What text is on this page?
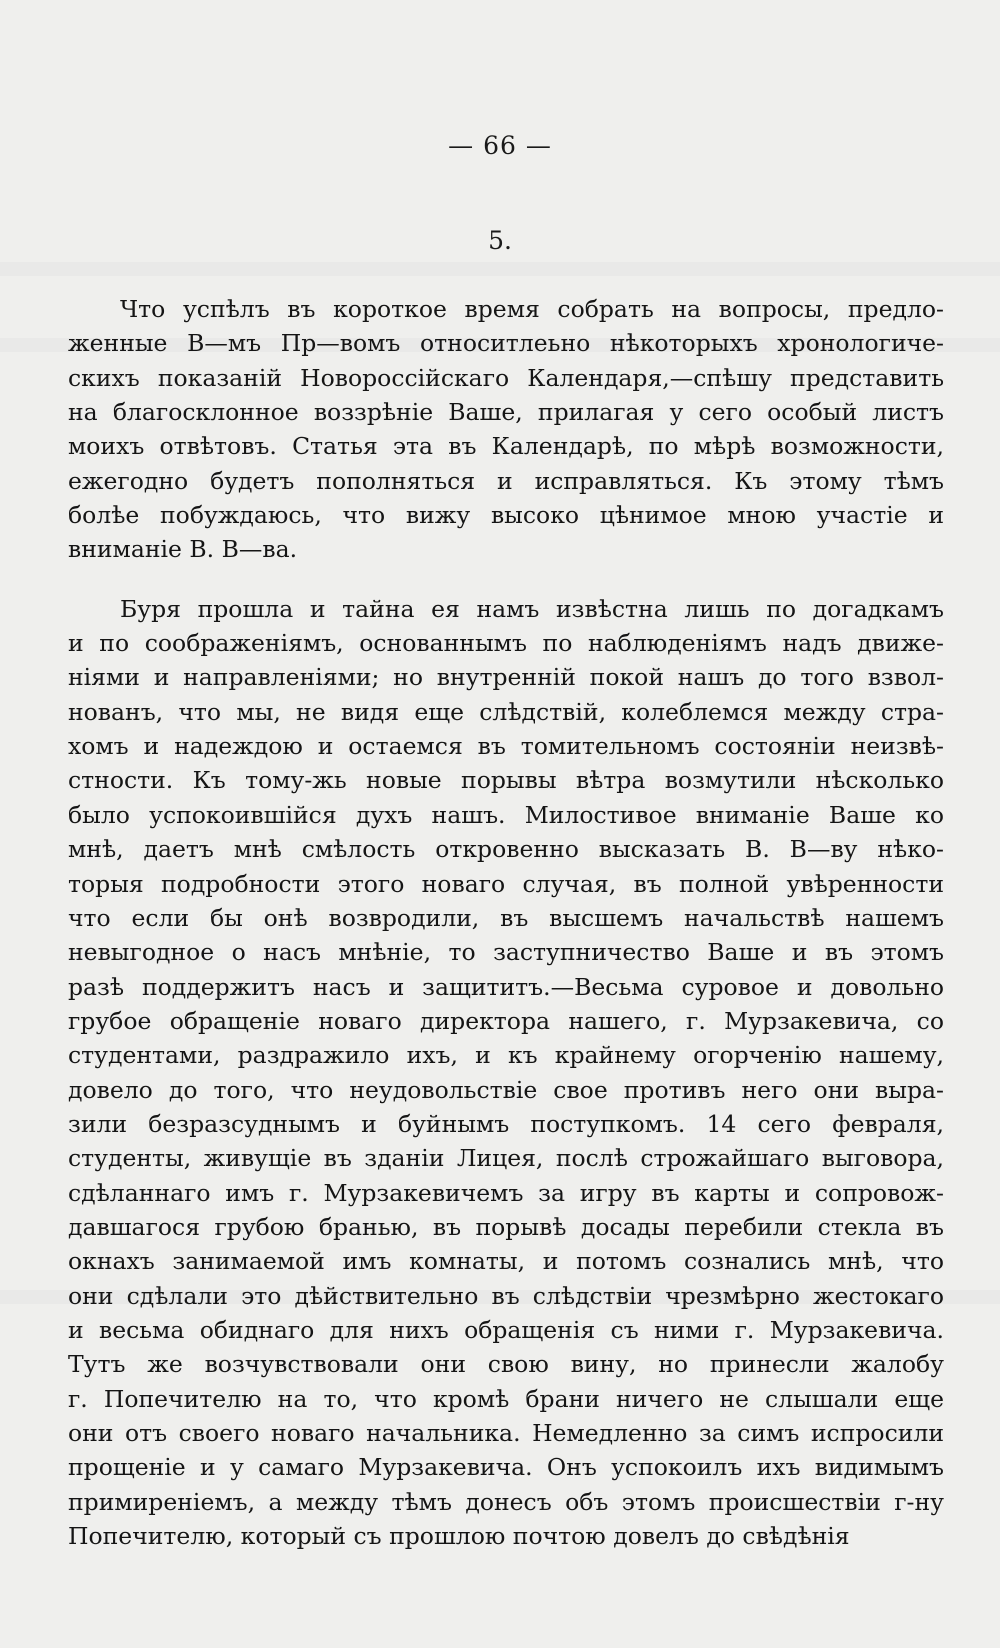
— 66 —
5.
Что успѣлъ въ короткое время собрать на вопросы, предло-
женные В—мъ Пр—вомъ относитлеьно нѣкоторыхъ хронологиче-
скихъ показаній Новороссійскаго Календаря,—спѣшу представить
на благосклонное воззрѣніе Ваше, прилагая у сего особый листъ
моихъ отвѣтовъ. Статья эта въ Календарѣ, по мѣрѣ возможности,
ежегодно будетъ пополняться и исправляться. Къ этому тѣмъ
болѣе побуждаюсь, что вижу высоко цѣнимое мною участіе и
вниманіе В. В—ва.
Буря прошла и тайна ея намъ извѣстна лишь по догадкамъ
и по соображеніямъ, основаннымъ по наблюденіямъ надъ движе-
ніями и направленіями; но внутренній покой нашъ до того взвол-
нованъ, что мы, не видя еще слѣдствій, колеблемся между стра-
хомъ и надеждою и остаемся въ томительномъ состояніи неизвѣ-
стности. Къ тому-жь новые порывы вѣтра возмутили нѣсколько
было успокоившійся духъ нашъ. Милостивое вниманіе Ваше ко
мнѣ, даетъ мнѣ смѣлость откровенно высказать В. В—ву нѣко-
торыя подробности этого новаго случая, въ полной увѣренности
что если бы онѣ возвродили, въ высшемъ начальствѣ нашемъ
невыгодное о насъ мнѣніе, то заступничество Ваше и въ этомъ
разѣ поддержитъ насъ и защититъ.—Весьма суровое и довольно
грубое обращеніе новаго директора нашего, г. Мурзакевича, со
студентами, раздражило ихъ, и къ крайнему огорченію нашему,
довело до того, что неудовольствіе свое противъ него они выра-
зили безразсуднымъ и буйнымъ поступкомъ. 14 сего февраля,
студенты, живущіе въ зданіи Лицея, послѣ строжайшаго выговора,
сдѣланнаго имъ г. Мурзакевичемъ за игру въ карты и сопровож-
давшагося грубою бранью, въ порывѣ досады перебили стекла въ
окнахъ занимаемой имъ комнаты, и потомъ сознались мнѣ, что
они сдѣлали это дѣйствительно въ слѣдствіи чрезмѣрно жестокаго
и весьма обиднаго для нихъ обращенія съ ними г. Мурзакевича.
Тутъ же возчувствовали они свою вину, но принесли жалобу
г. Попечителю на то, что кромѣ брани ничего не слышали еще
они отъ своего новаго начальника. Немедленно за симъ испросили
прощеніе и у самаго Мурзакевича. Онъ успокоилъ ихъ видимымъ
примиреніемъ, а между тѣмъ донесъ объ этомъ происшествіи г-ну
Попечителю, который съ прошлою почтою довелъ до свѣдѣнія
